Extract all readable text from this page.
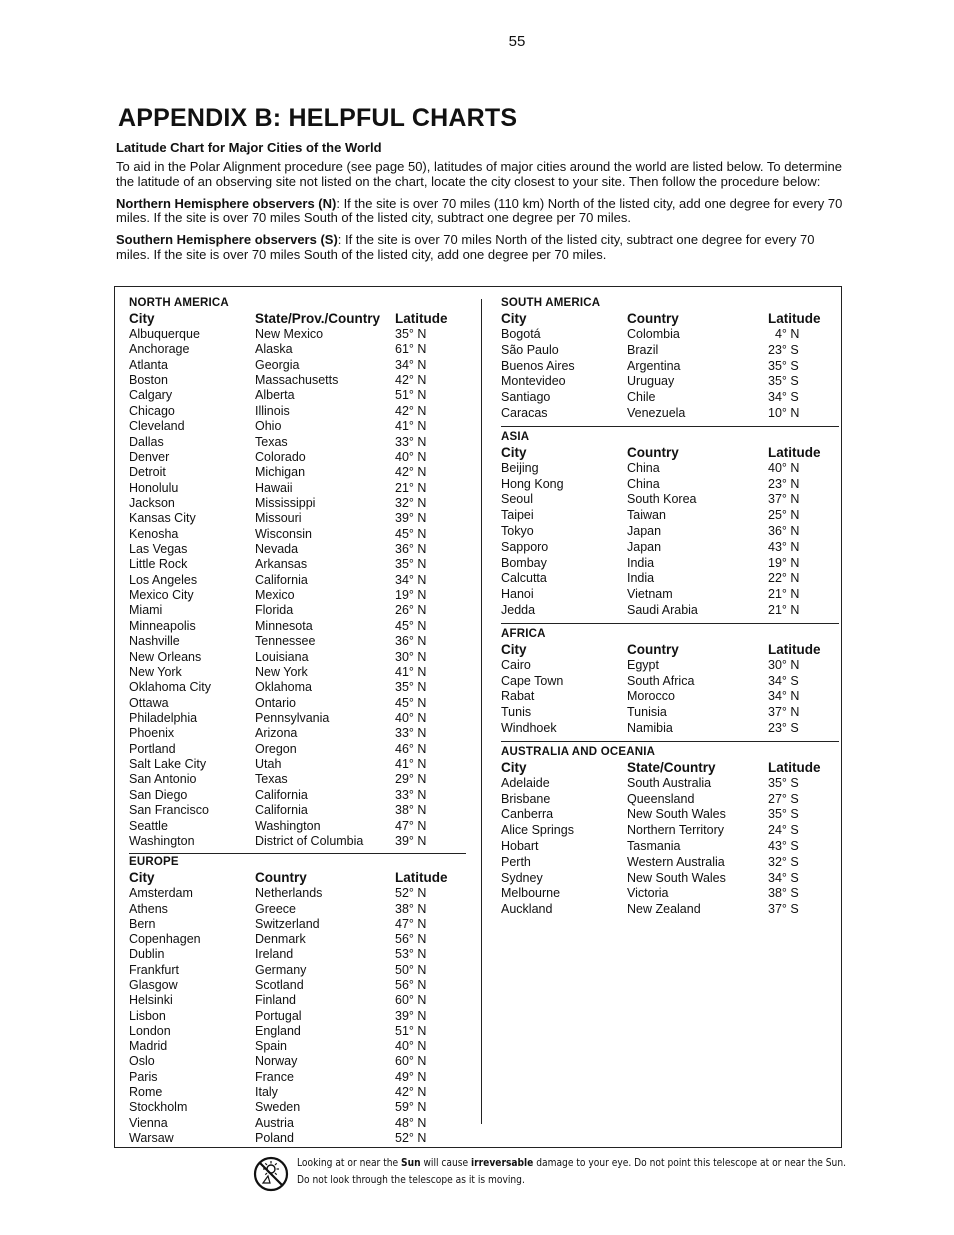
55
APPENDIX B: HELPFUL CHARTS
Latitude Chart for Major Cities of the World

To aid in the Polar Alignment procedure (see page 50), latitudes of major cities around the world are listed below. To determine the latitude of an observing site not listed on the chart, locate the city closest to your site. Then follow the procedure below:

Northern Hemisphere observers (N): If the site is over 70 miles (110 km) North of the listed city, add one degree for every 70 miles. If the site is over 70 miles South of the listed city, subtract one degree per 70 miles.

Southern Hemisphere observers (S): If the site is over 70 miles North of the listed city, subtract one degree for every 70 miles. If the site is over 70 miles South of the listed city, add one degree per 70 miles.

NORTH AMERICA
City	State/Prov./Country	Latitude
Albuquerque	New Mexico	35° N
Anchorage	Alaska	61° N
Atlanta	Georgia	34° N
Boston	Massachusetts	42° N
Calgary	Alberta	51° N
Chicago	Illinois	42° N
Cleveland	Ohio	41° N
Dallas	Texas	33° N
Denver	Colorado	40° N
Detroit	Michigan	42° N
Honolulu	Hawaii	21° N
Jackson	Mississippi	32° N
Kansas City	Missouri	39° N
Kenosha	Wisconsin	45° N
Las Vegas	Nevada	36° N
Little Rock	Arkansas	35° N
Los Angeles	California	34° N
Mexico City	Mexico	19° N
Miami	Florida	26° N
Minneapolis	Minnesota	45° N
Nashville	Tennessee	36° N
New Orleans	Louisiana	30° N
New York	New York	41° N
Oklahoma City	Oklahoma	35° N
Ottawa	Ontario	45° N
Philadelphia	Pennsylvania	40° N
Phoenix	Arizona	33° N
Portland	Oregon	46° N
Salt Lake City	Utah	41° N
San Antonio	Texas	29° N
San Diego	California	33° N
San Francisco	California	38° N
Seattle	Washington	47° N
Washington	District of Columbia	39° N
EUROPE
City	Country	Latitude
Amsterdam	Netherlands	52° N
Athens	Greece	38° N
Bern	Switzerland	47° N
Copenhagen	Denmark	56° N
Dublin	Ireland	53° N
Frankfurt	Germany	50° N
Glasgow	Scotland	56° N
Helsinki	Finland	60° N
Lisbon	Portugal	39° N
London	England	51° N
Madrid	Spain	40° N
Oslo	Norway	60° N
Paris	France	49° N
Rome	Italy	42° N
Stockholm	Sweden	59° N
Vienna	Austria	48° N
Warsaw	Poland	52° N
SOUTH AMERICA
City	Country	Latitude
Bogotá	Colombia	4° N
São Paulo	Brazil	23° S
Buenos Aires	Argentina	35° S
Montevideo	Uruguay	35° S
Santiago	Chile	34° S
Caracas	Venezuela	10° N
ASIA
City	Country	Latitude
Beijing	China	40° N
Hong Kong	China	23° N
Seoul	South Korea	37° N
Taipei	Taiwan	25° N
Tokyo	Japan	36° N
Sapporo	Japan	43° N
Bombay	India	19° N
Calcutta	India	22° N
Hanoi	Vietnam	21° N
Jedda	Saudi Arabia	21° N
AFRICA
City	Country	Latitude
Cairo	Egypt	30° N
Cape Town	South Africa	34° S
Rabat	Morocco	34° N
Tunis	Tunisia	37° N
Windhoek	Namibia	23° S
AUSTRALIA AND OCEANIA
City	State/Country	Latitude
Adelaide	South Australia	35° S
Brisbane	Queensland	27° S
Canberra	New South Wales	35° S
Alice Springs	Northern Territory	24° S
Hobart	Tasmania	43° S
Perth	Western Australia	32° S
Sydney	New South Wales	34° S
Melbourne	Victoria	38° S
Auckland	New Zealand	37° S
Looking at or near the Sun will cause irreversable damage to your eye. Do not point this telescope at or near the Sun. Do not look through the telescope as it is moving.
